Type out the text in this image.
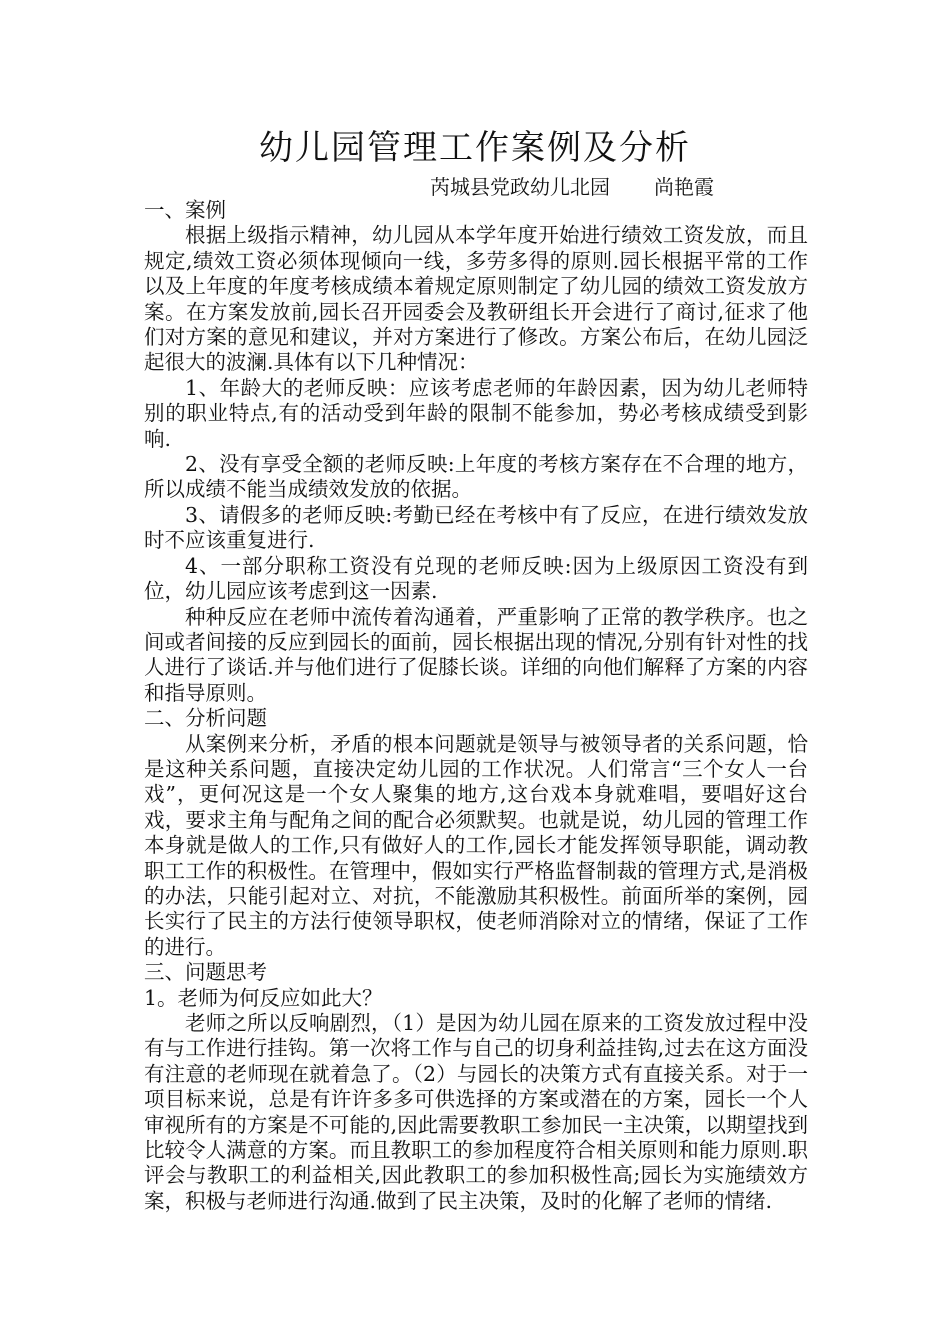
幼儿园管理工作案例及分析
芮城县党政幼儿北园 尚艳霞

一、案例

根据上级指示精神，幼儿园从本学年度开始进行绩效工资发放，而且规定,绩效工资必须体现倾向一线，多劳多得的原则.园长根据平常的工作以及上年度的年度考核成绩本着规定原则制定了幼儿园的绩效工资发放方案。在方案发放前,园长召开园委会及教研组长开会进行了商讨,征求了他们对方案的意见和建议，并对方案进行了修改。方案公布后，在幼儿园泛起很大的波澜.具体有以下几种情况：

1、年龄大的老师反映：应该考虑老师的年龄因素，因为幼儿老师特别的职业特点,有的活动受到年龄的限制不能参加，势必考核成绩受到影响.

2、没有享受全额的老师反映:上年度的考核方案存在不合理的地方，所以成绩不能当成绩效发放的依据。

3、请假多的老师反映:考勤已经在考核中有了反应，在进行绩效发放时不应该重复进行.

4、一部分职称工资没有兑现的老师反映:因为上级原因工资没有到位，幼儿园应该考虑到这一因素.

种种反应在老师中流传着沟通着，严重影响了正常的教学秩序。也之间或者间接的反应到园长的面前，园长根据出现的情况,分别有针对性的找人进行了谈话.并与他们进行了促膝长谈。详细的向他们解释了方案的内容和指导原则。

二、分析问题

从案例来分析，矛盾的根本问题就是领导与被领导者的关系问题，恰是这种关系问题，直接决定幼儿园的工作状况。人们常言“三个女人一台戏”，更何况这是一个女人聚集的地方,这台戏本身就难唱，要唱好这台戏，要求主角与配角之间的配合必须默契。也就是说，幼儿园的管理工作本身就是做人的工作,只有做好人的工作,园长才能发挥领导职能，调动教职工工作的积极性。在管理中，假如实行严格监督制裁的管理方式,是消极的办法，只能引起对立、对抗，不能激励其积极性。前面所举的案例，园长实行了民主的方法行使领导职权，使老师消除对立的情绪，保证了工作的进行。

三、问题思考

1。老师为何反应如此大？

老师之所以反响剧烈，（1）是因为幼儿园在原来的工资发放过程中没有与工作进行挂钩。第一次将工作与自己的切身利益挂钩,过去在这方面没有注意的老师现在就着急了。（2）与园长的决策方式有直接关系。对于一项目标来说，总是有许许多多可供选择的方案或潜在的方案，园长一个人审视所有的方案是不可能的,因此需要教职工参加民一主决策，以期望找到比较令人满意的方案。而且教职工的参加程度符合相关原则和能力原则.职评会与教职工的利益相关,因此教职工的参加积极性高;园长为实施绩效方案，积极与老师进行沟通.做到了民主决策，及时的化解了老师的情绪.
